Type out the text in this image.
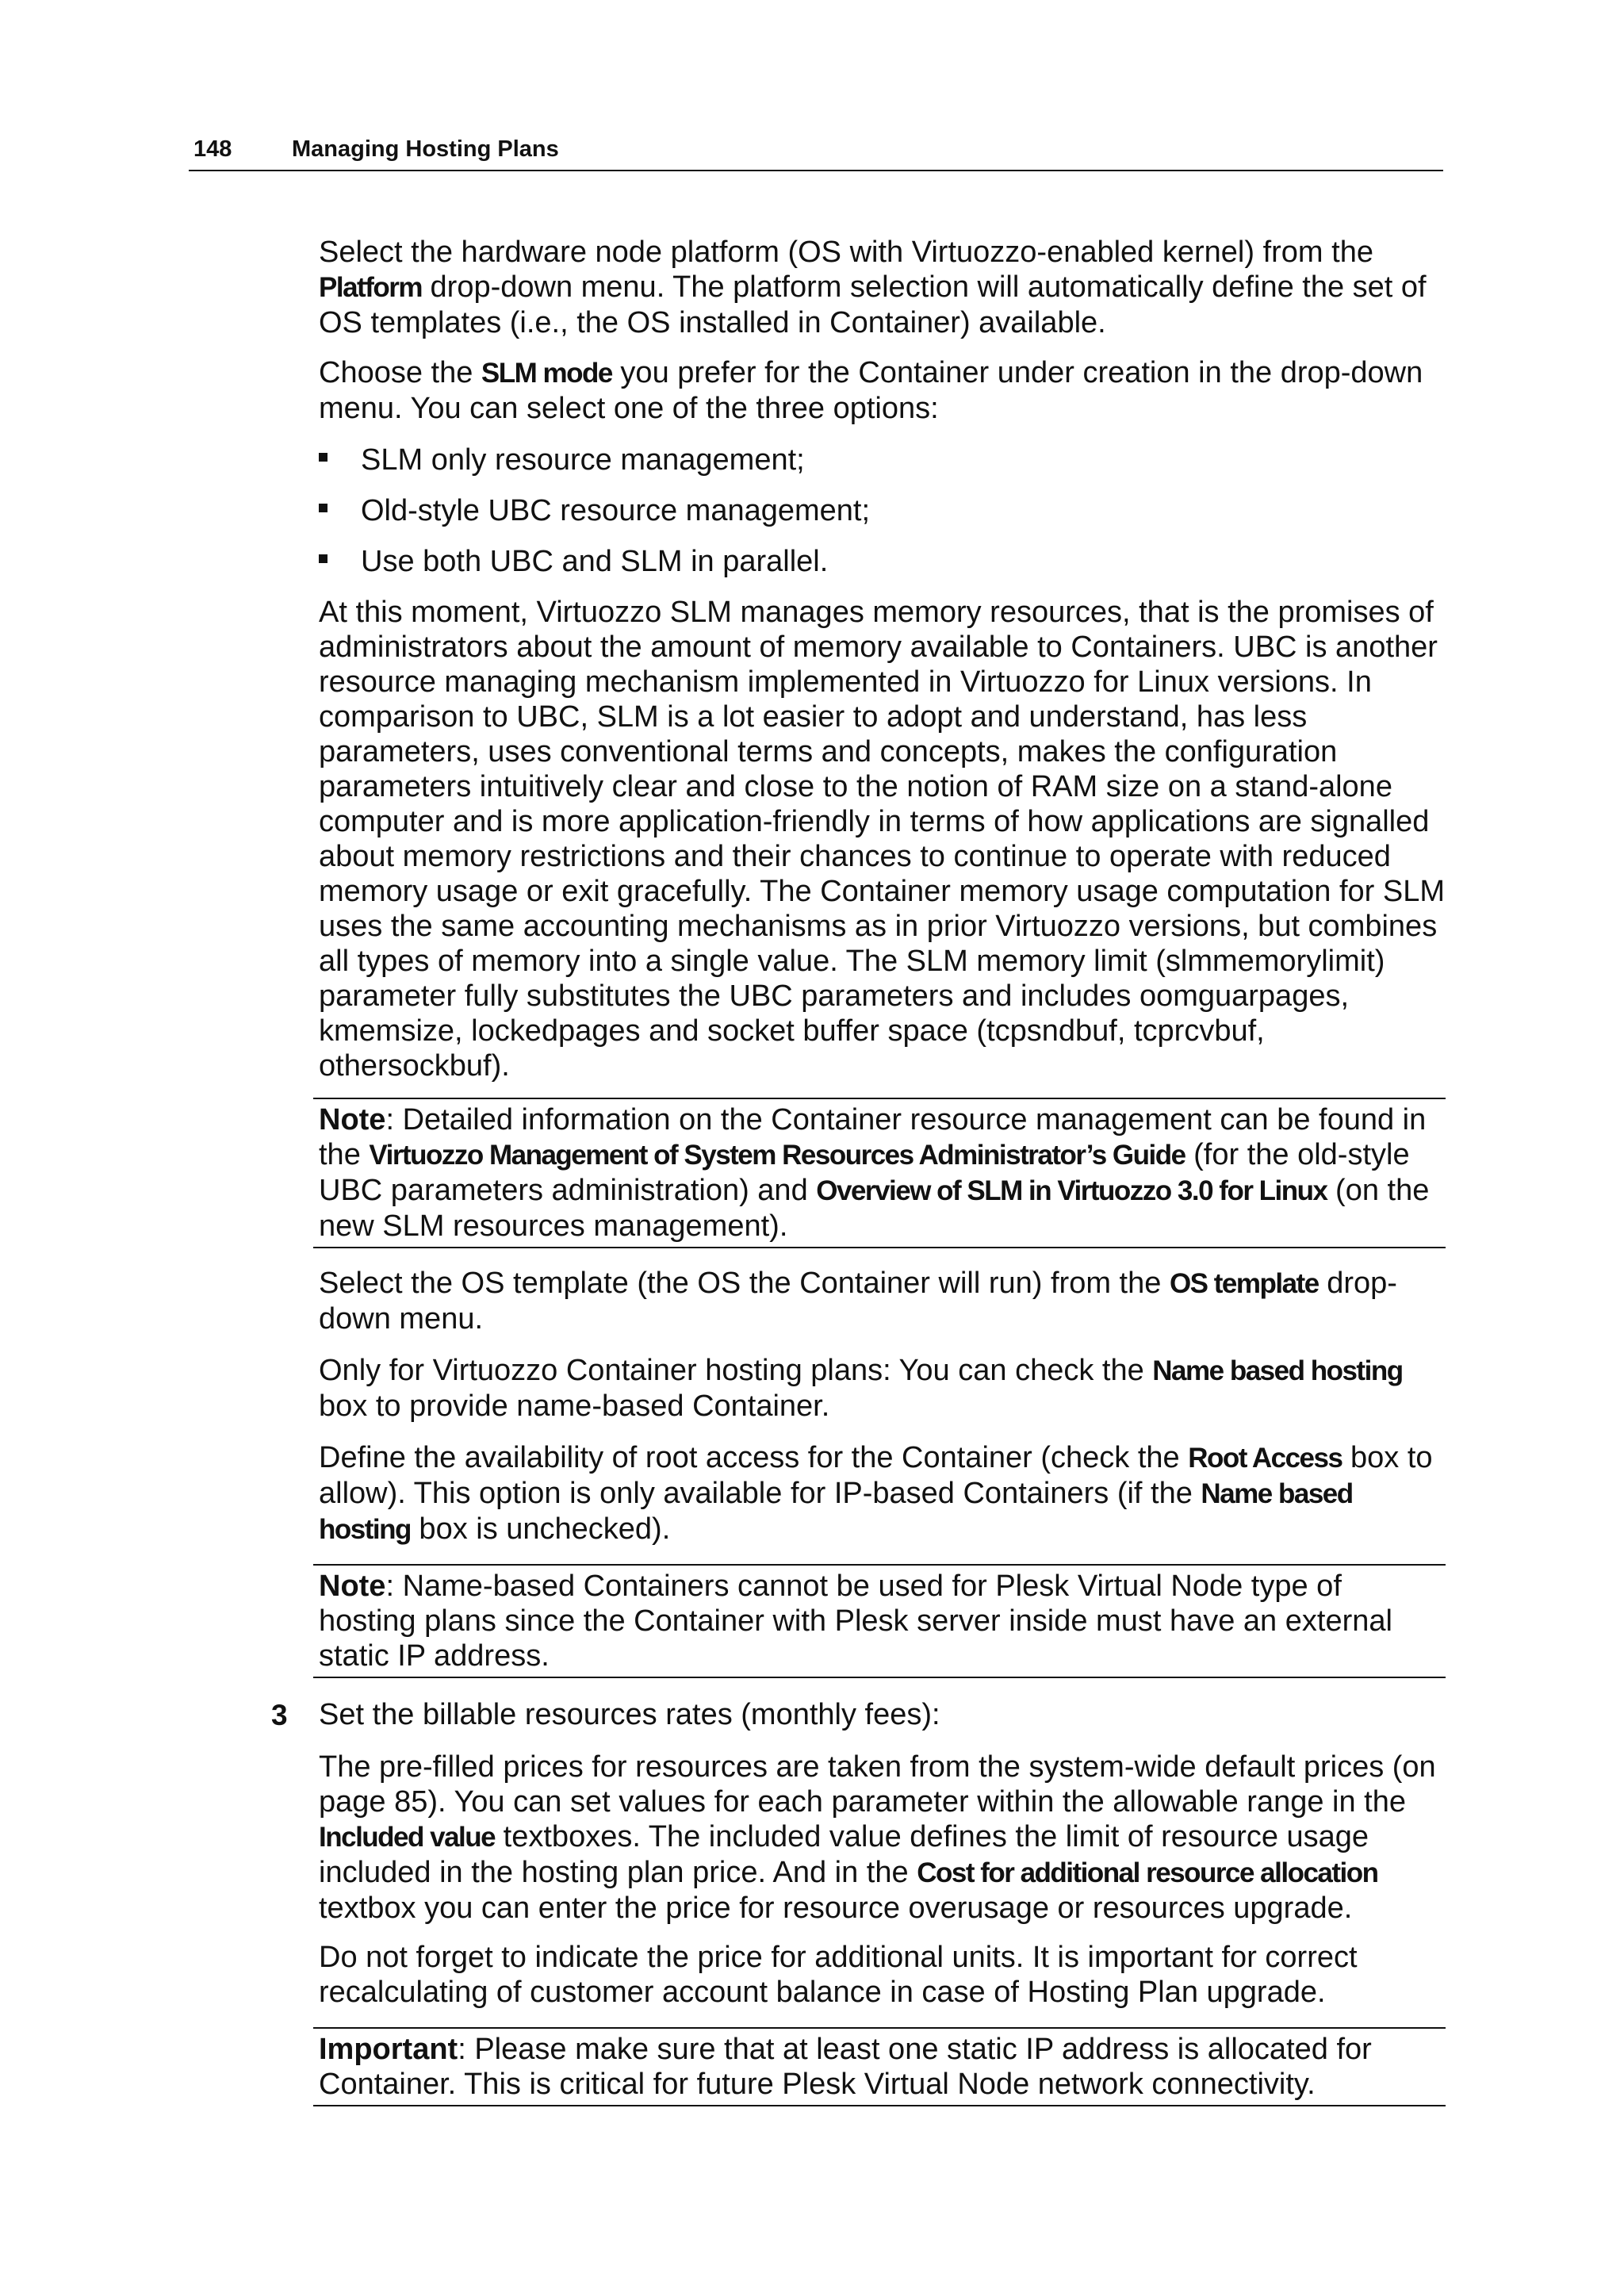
148	Managing Hosting Plans

Select the hardware node platform (OS with Virtuozzo-enabled kernel) from the Platform drop-down menu. The platform selection will automatically define the set of OS templates (i.e., the OS installed in Container) available.

Choose the SLM mode you prefer for the Container under creation in the drop-down menu. You can select one of the three options:

SLM only resource management;
Old-style UBC resource management;
Use both UBC and SLM in parallel.

At this moment, Virtuozzo SLM manages memory resources, that is the promises of administrators about the amount of memory available to Containers. UBC is another resource managing mechanism implemented in Virtuozzo for Linux versions. In comparison to UBC, SLM is a lot easier to adopt and understand, has less parameters, uses conventional terms and concepts, makes the configuration parameters intuitively clear and close to the notion of RAM size on a stand-alone computer and is more application-friendly in terms of how applications are signalled about memory restrictions and their chances to continue to operate with reduced memory usage or exit gracefully. The Container memory usage computation for SLM uses the same accounting mechanisms as in prior Virtuozzo versions, but combines all types of memory into a single value. The SLM memory limit (slmmemorylimit) parameter fully substitutes the UBC parameters and includes oomguarpages, kmemsize, lockedpages and socket buffer space (tcpsndbuf, tcprcvbuf, othersockbuf).

Note: Detailed information on the Container resource management can be found in the Virtuozzo Management of System Resources Administrator’s Guide (for the old-style UBC parameters administration) and Overview of SLM in Virtuozzo 3.0 for Linux (on the new SLM resources management).

Select the OS template (the OS the Container will run) from the OS template drop-down menu.

Only for Virtuozzo Container hosting plans: You can check the Name based hosting box to provide name-based Container.

Define the availability of root access for the Container (check the Root Access box to allow). This option is only available for IP-based Containers (if the Name based hosting box is unchecked).

Note: Name-based Containers cannot be used for Plesk Virtual Node type of hosting plans since the Container with Plesk server inside must have an external static IP address.

3 Set the billable resources rates (monthly fees):

The pre-filled prices for resources are taken from the system-wide default prices (on page 85). You can set values for each parameter within the allowable range in the Included value textboxes. The included value defines the limit of resource usage included in the hosting plan price. And in the Cost for additional resource allocation textbox you can enter the price for resource overusage or resources upgrade.

Do not forget to indicate the price for additional units. It is important for correct recalculating of customer account balance in case of Hosting Plan upgrade.

Important: Please make sure that at least one static IP address is allocated for Container. This is critical for future Plesk Virtual Node network connectivity.
